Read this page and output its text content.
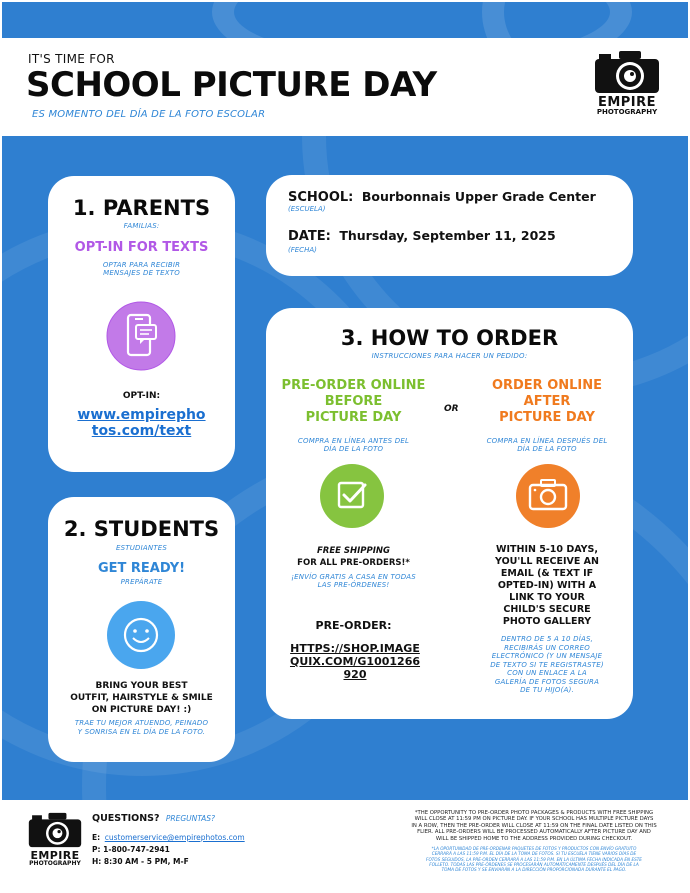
IT'S TIME FOR
SCHOOL PICTURE DAY
ES MOMENTO DEL DÍA DE LA FOTO ESCOLAR
EMPIRE
PHOTOGRAPHY
1. PARENTS
FAMILIAS:
OPT-IN FOR TEXTS
OPTAR PARA RECIBIR
MENSAJES DE TEXTO
OPT-IN:
www.empirepho
tos.com/text
2. STUDENTS
ESTUDIANTES
GET READY!
PREPÁRATE
BRING YOUR BEST
OUTFIT, HAIRSTYLE & SMILE
ON PICTURE DAY! :)
TRAE TU MEJOR ATUENDO, PEINADO
Y SONRISA EN EL DÍA DE LA FOTO.
SCHOOL: Bourbonnais Upper Grade Center
(ESCUELA)
DATE: Thursday, September 11, 2025
(FECHA)
3. HOW TO ORDER
INSTRUCCIONES PARA HACER UN PEDIDO:
PRE-ORDER ONLINE
BEFORE
PICTURE DAY
COMPRA EN LÍNEA ANTES DEL
DÍA DE LA FOTO
FREE SHIPPING
FOR ALL PRE-ORDERS!*
¡ENVÍO GRATIS A CASA EN TODAS
LAS PRE-ÓRDENES!
PRE-ORDER:
HTTPS://SHOP.IMAGE
QUIX.COM/G1001266
920
OR
ORDER ONLINE
AFTER
PICTURE DAY
COMPRA EN LÍNEA DESPUÉS DEL
DÍA DE LA FOTO
WITHIN 5-10 DAYS,
YOU'LL RECEIVE AN
EMAIL (& TEXT IF
OPTED-IN) WITH A
LINK TO YOUR
CHILD'S SECURE
PHOTO GALLERY
DENTRO DE 5 A 10 DÍAS,
RECIBIRÁS UN CORREO
ELECTRÓNICO (Y UN MENSAJE
DE TEXTO SI TE REGISTRASTE)
CON UN ENLACE A LA
GALERÍA DE FOTOS SEGURA
DE TU HIJO(A).
EMPIRE
PHOTOGRAPHY
QUESTIONS? PREGUNTAS?
E: customerservice@empirephotos.com
P: 1-800-747-2941
H: 8:30 AM - 5 PM, M-F
*THE OPPORTUNITY TO PRE-ORDER PHOTO PACKAGES & PRODUCTS WITH FREE SHIPPING
WILL CLOSE AT 11:59 PM ON PICTURE DAY. IF YOUR SCHOOL HAS MULTIPLE PICTURE DAYS
IN A ROW, THEN THE PRE-ORDER WILL CLOSE AT 11:59 ON THE FINAL DATE LISTED ON THIS
FLIER. ALL PRE-ORDERS WILL BE PROCESSED AUTOMATICALLY AFTER PICTURE DAY AND
WILL BE SHIPPED HOME TO THE ADDRESS PROVIDED DURING CHECKOUT.
*LA OPORTUNIDAD DE PRE-ORDENAR PAQUETES DE FOTOS Y PRODUCTOS CON ENVÍO GRATUITO
CERRARÁ A LAS 11:59 P.M. EL DÍA DE LA TOMA DE FOTOS. SI TU ESCUELA TIENE VARIOS DÍAS DE
FOTOS SEGUIDOS, LA PRE-ORDEN CERRARÁ A LAS 11:59 P.M. EN LA ÚLTIMA FECHA INDICADA EN ESTE
FOLLETO. TODAS LAS PRE-ÓRDENES SE PROCESARÁN AUTOMÁTICAMENTE DESPUÉS DEL DÍA DE LA
TOMA DE FOTOS Y SE ENVIARÁN A LA DIRECCIÓN PROPORCIONADA DURANTE EL PAGO.
